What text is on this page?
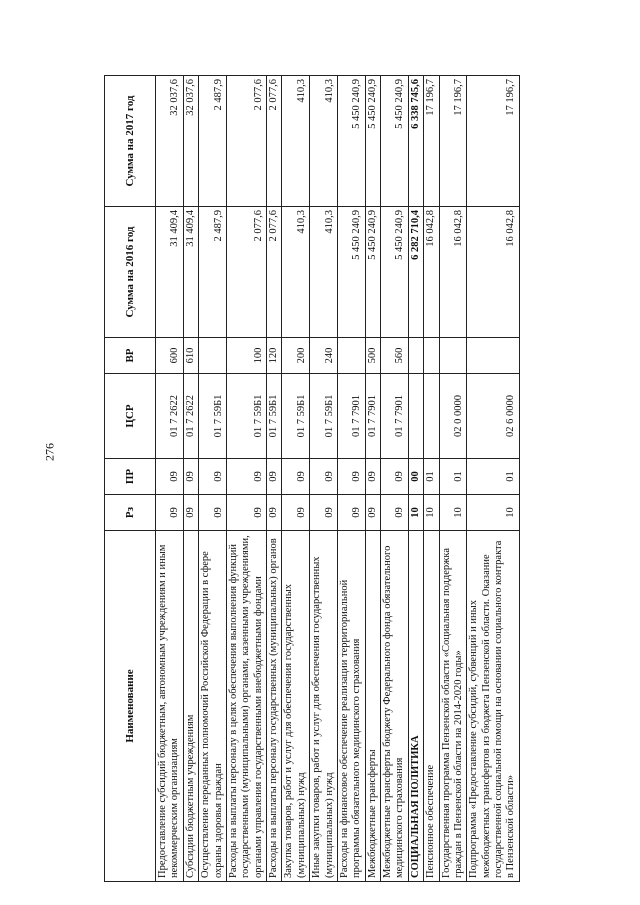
276
Наименование	Рз	ПР	ЦСР	ВР	Сумма на 2016 год	Сумма на 2017 год
Предоставление субсидий бюджетным, автономным учреждениям и иным некоммерческим организациям	09	09	01 7 2622	600	31 409,4	32 037,6
Субсидии бюджетным учреждениям	09	09	01 7 2622	610	31 409,4	32 037,6
Осуществление переданных полномочий Российской Федерации в сфере охраны здоровья граждан	09	09	01 7 59Б1		2 487,9	2 487,9
Расходы на выплаты персоналу в целях обеспечения выполнения функций государственными (муниципальными) органами, казенными учреждениями, органами управления государственными внебюджетными фондами	09	09	01 7 59Б1	100	2 077,6	2 077,6
Расходы на выплаты персоналу государственных (муниципальных) органов	09	09	01 7 59Б1	120	2 077,6	2 077,6
Закупка товаров, работ и услуг для обеспечения государственных (муниципальных) нужд	09	09	01 7 59Б1	200	410,3	410,3
Иные закупки товаров, работ и услуг для обеспечения государственных (муниципальных) нужд	09	09	01 7 59Б1	240	410,3	410,3
Расходы на финансовое обеспечение реализации территориальной программы обязательного медицинского страхования	09	09	01 7 7901		5 450 240,9	5 450 240,9
Межбюджетные трансферты	09	09	01 7 7901	500	5 450 240,9	5 450 240,9
Межбюджетные трансферты бюджету Федерального фонда обязательного медицинского страхования	09	09	01 7 7901	560	5 450 240,9	5 450 240,9
СОЦИАЛЬНАЯ ПОЛИТИКА	10	00			6 282 710,4	6 338 745,6
Пенсионное обеспечение	10	01			16 042,8	17 196,7
Государственная программа Пензенской области «Социальная поддержка граждан в Пензенской области на 2014-2020 годы»	10	01	02 0 0000		16 042,8	17 196,7
Подпрограмма «Предоставление субсидий, субвенций и иных межбюджетных трансфертов из бюджета Пензенской области. Оказание государственной социальной помощи на основании социального контракта в Пензенской области»	10	01	02 6 0000		16 042,8	17 196,7
